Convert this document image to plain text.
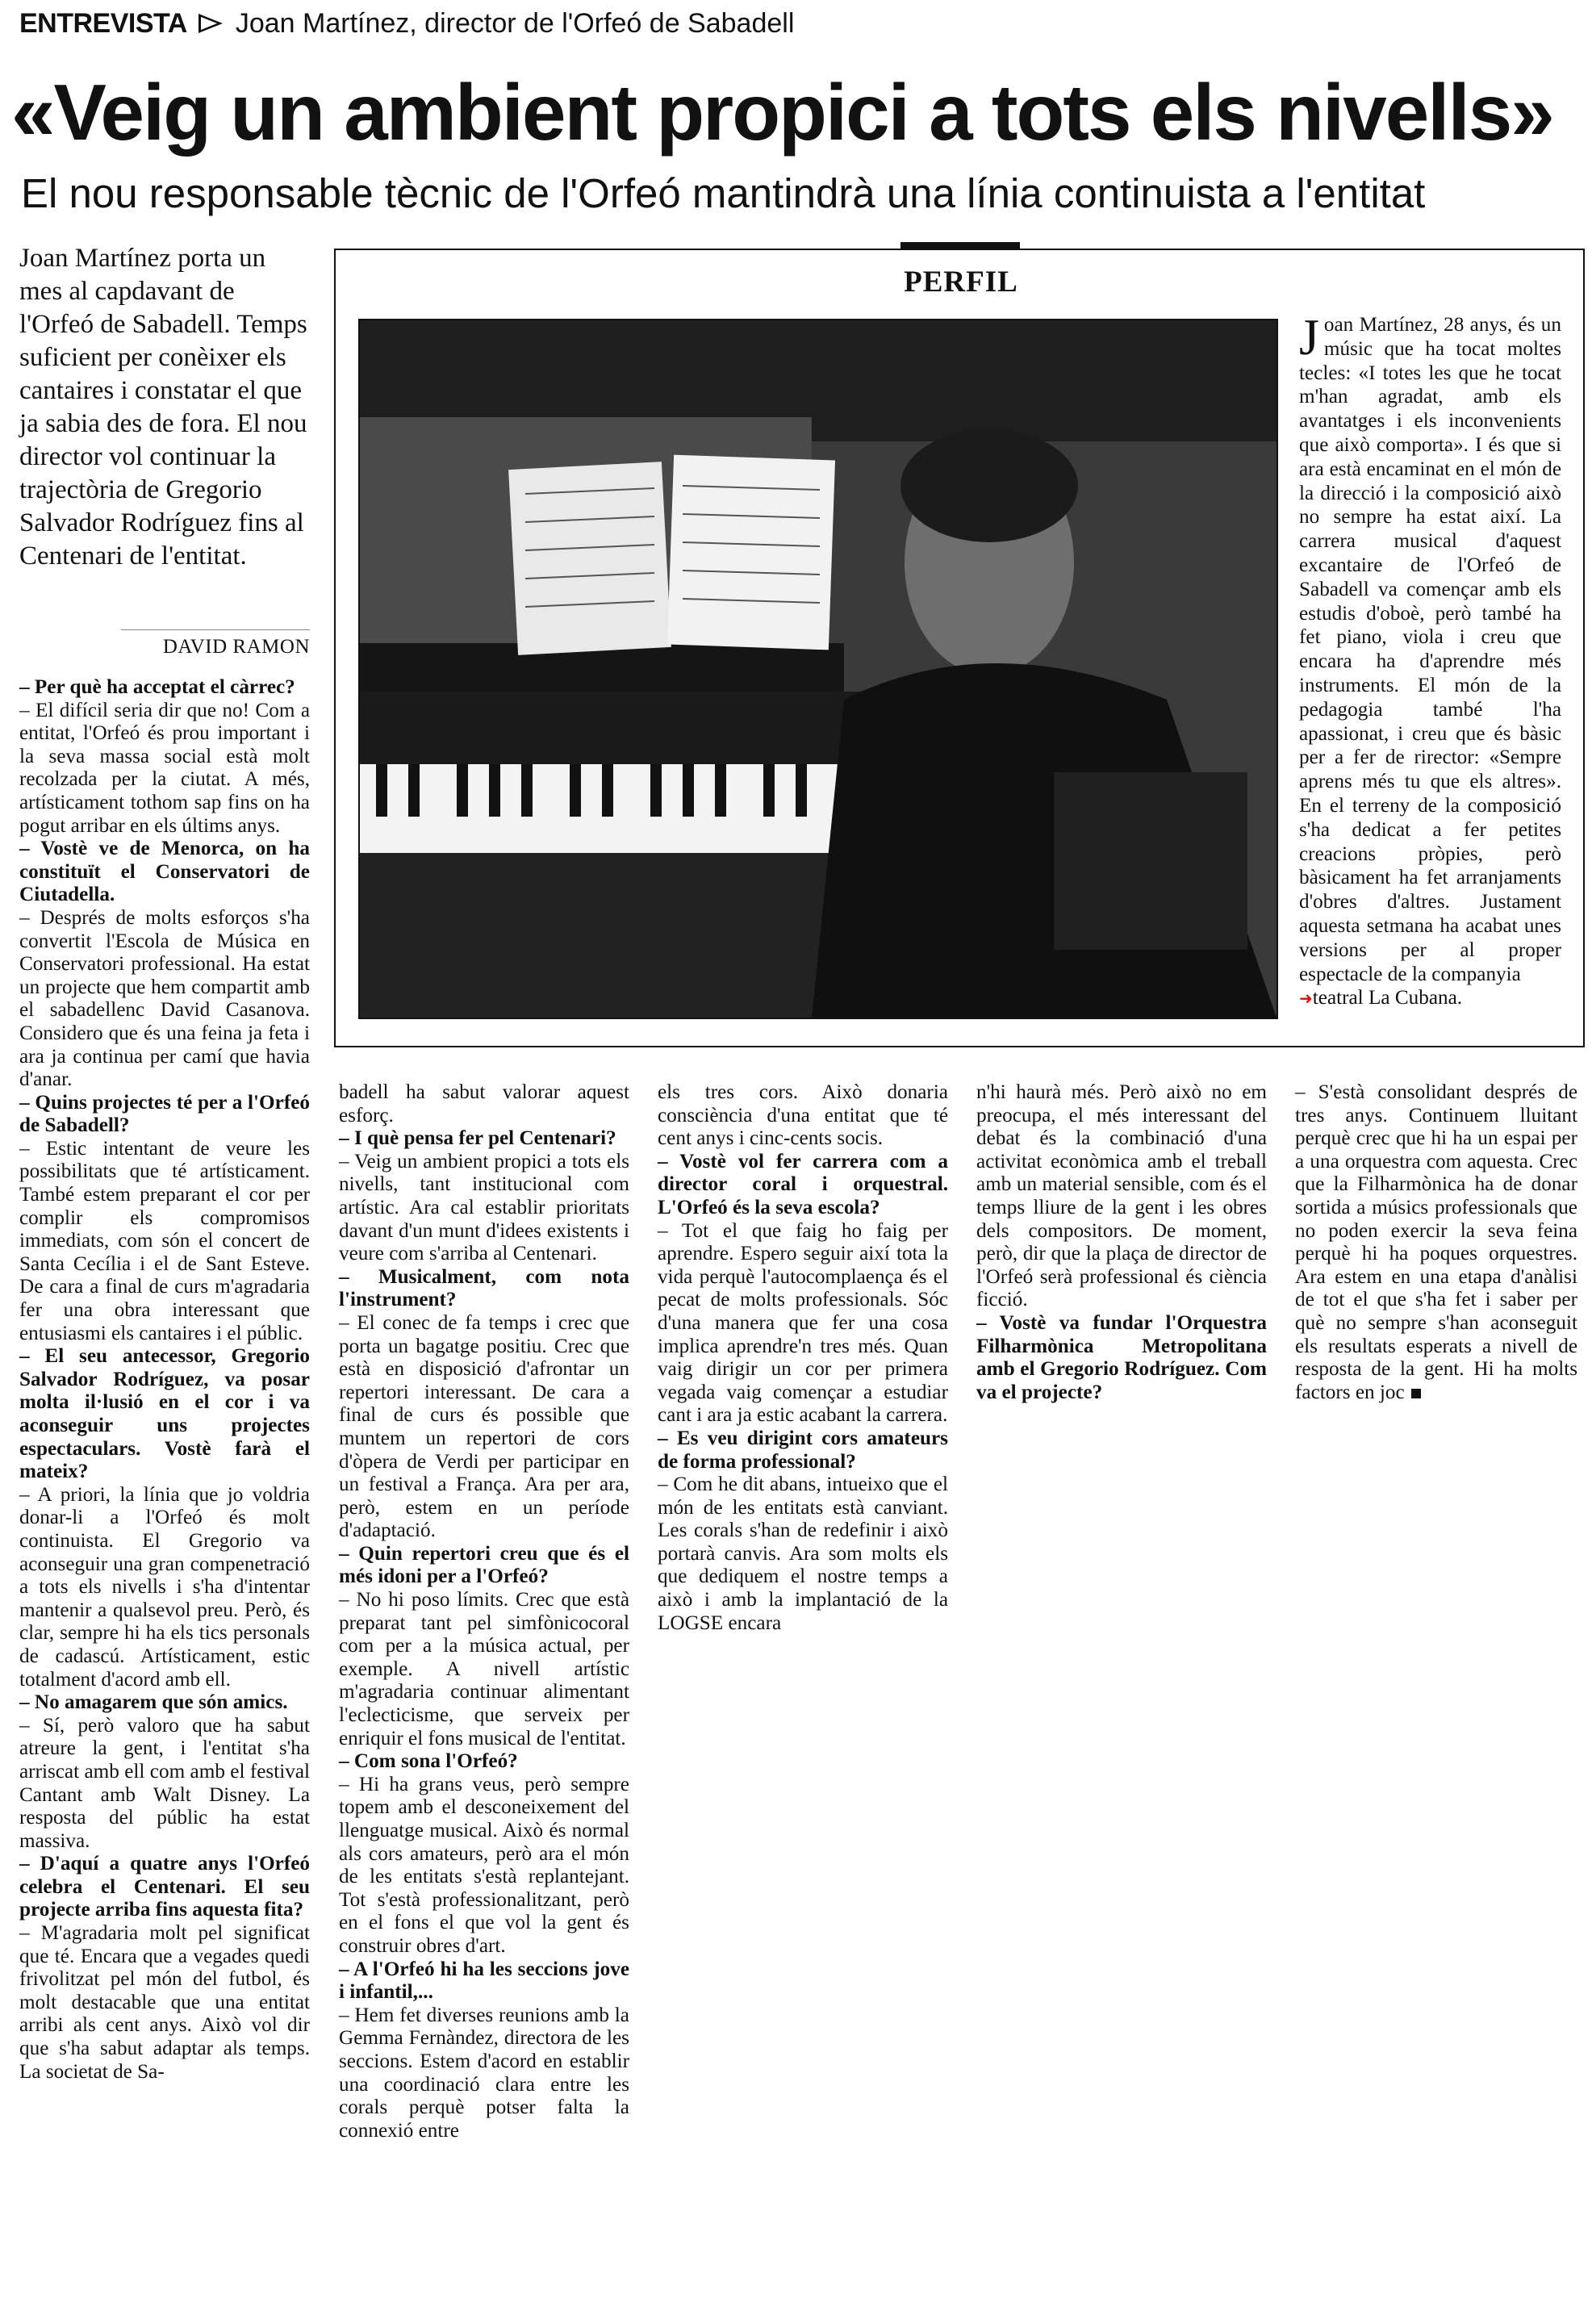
ENTREVISTA Joan Martínez, director de l'Orfeó de Sabadell
«Veig un ambient propici a tots els nivells»
El nou responsable tècnic de l'Orfeó mantindrà una línia continuista a l'entitat
Joan Martínez porta un mes al capdavant de l'Orfeó de Sabadell. Temps suficient per conèixer els cantaires i constatar el que ja sabia des de fora. El nou director vol continuar la trajectòria de Gregorio Salvador Rodríguez fins al Centenari de l'entitat.
DAVID RAMON
PERFIL
Joan Martínez, 28 anys, és un músic que ha tocat moltes tecles: «I totes les que he tocat m'han agradat, amb els avantatges i els inconvenients que això comporta». I és que si ara està encaminat en el món de la direcció i la composició això no sempre ha estat així. La carrera musical d'aquest excantaire de l'Orfeó de Sabadell va començar amb els estudis d'oboè, però també ha fet piano, viola i creu que encara ha d'aprendre més instruments. El món de la pedagogia també l'ha apassionat, i creu que és bàsic per a fer de rirector: «Sempre aprens més tu que els altres». En el terreny de la composició s'ha dedicat a fer petites creacions pròpies, però bàsicament ha fet arranjaments d'obres d'altres. Justament aquesta setmana ha acabat unes versions per al proper espectacle de la companyia
➜teatral La Cubana.

– Per què ha acceptat el càrrec?

– El difícil seria dir que no! Com a entitat, l'Orfeó és prou important i la seva massa social està molt recolzada per la ciutat. A més, artísticament tothom sap fins on ha pogut arribar en els últims anys.

– Vostè ve de Menorca, on ha constituït el Conservatori de Ciutadella.

– Després de molts esforços s'ha convertit l'Escola de Música en Conservatori professional. Ha estat un projecte que hem compartit amb el sabadellenc David Casanova. Considero que és una feina ja feta i ara ja continua per camí que havia d'anar.

– Quins projectes té per a l'Orfeó de Sabadell?

– Estic intentant de veure les possibilitats que té artísticament. També estem preparant el cor per complir els compromisos immediats, com són el concert de Santa Cecília i el de Sant Esteve. De cara a final de curs m'agradaria fer una obra interessant que entusiasmi els cantaires i el públic.

– El seu antecessor, Gregorio Salvador Rodríguez, va posar molta il·lusió en el cor i va aconseguir uns projectes espectaculars. Vostè farà el mateix?

– A priori, la línia que jo voldria donar-li a l'Orfeó és molt continuista. El Gregorio va aconseguir una gran compenetració a tots els nivells i s'ha d'intentar mantenir a qualsevol preu. Però, és clar, sempre hi ha els tics personals de cadascú. Artísticament, estic totalment d'acord amb ell.

– No amagarem que són amics.

– Sí, però valoro que ha sabut atreure la gent, i l'entitat s'ha arriscat amb ell com amb el festival Cantant amb Walt Disney. La resposta del públic ha estat massiva.

– D'aquí a quatre anys l'Orfeó celebra el Centenari. El seu projecte arriba fins aquesta fita?

– M'agradaria molt pel significat que té. Encara que a vegades quedi frivolitzat pel món del futbol, és molt destacable que una entitat arribi als cent anys. Això vol dir que s'ha sabut adaptar als temps. La societat de Sa-

badell ha sabut valorar aquest esforç.

– I què pensa fer pel Centenari?

– Veig un ambient propici a tots els nivells, tant institucional com artístic. Ara cal establir prioritats davant d'un munt d'idees existents i veure com s'arriba al Centenari.

– Musicalment, com nota l'instrument?

– El conec de fa temps i crec que porta un bagatge positiu. Crec que està en disposició d'afrontar un repertori interessant. De cara a final de curs és possible que muntem un repertori de cors d'òpera de Verdi per participar en un festival a França. Ara per ara, però, estem en un període d'adaptació.

– Quin repertori creu que és el més idoni per a l'Orfeó?

– No hi poso límits. Crec que està preparat tant pel simfònicocoral com per a la música actual, per exemple. A nivell artístic m'agradaria continuar alimentant l'eclecticisme, que serveix per enriquir el fons musical de l'entitat.

– Com sona l'Orfeó?

– Hi ha grans veus, però sempre topem amb el desconeixement del llenguatge musical. Això és normal als cors amateurs, però ara el món de les entitats s'està replantejant. Tot s'està professionalitzant, però en el fons el que vol la gent és construir obres d'art.

– A l'Orfeó hi ha les seccions jove i infantil,...

– Hem fet diverses reunions amb la Gemma Fernàndez, directora de les seccions. Estem d'acord en establir una coordinació clara entre les corals perquè potser falta la connexió entre

els tres cors. Això donaria consciència d'una entitat que té cent anys i cinc-cents socis.

– Vostè vol fer carrera com a director coral i orquestral. L'Orfeó és la seva escola?

– Tot el que faig ho faig per aprendre. Espero seguir així tota la vida perquè l'autocomplaença és el pecat de molts professionals. Sóc d'una manera que fer una cosa implica aprendre'n tres més. Quan vaig dirigir un cor per primera vegada vaig començar a estudiar cant i ara ja estic acabant la carrera.

– Es veu dirigint cors amateurs de forma professional?

– Com he dit abans, intueixo que el món de les entitats està canviant. Les corals s'han de redefinir i això portarà canvis. Ara som molts els que dediquem el nostre temps a això i amb la implantació de la LOGSE encara

n'hi haurà més. Però això no em preocupa, el més interessant del debat és la combinació d'una activitat econòmica amb el treball amb un material sensible, com és el temps lliure de la gent i les obres dels compositors. De moment, però, dir que la plaça de director de l'Orfeó serà professional és ciència ficció.

– Vostè va fundar l'Orquestra Filharmònica Metropolitana amb el Gregorio Rodríguez. Com va el projecte?

– S'està consolidant després de tres anys. Continuem lluitant perquè crec que hi ha un espai per a una orquestra com aquesta. Crec que la Filharmònica ha de donar sortida a músics professionals que no poden exercir la seva feina perquè hi ha poques orquestres. Ara estem en una etapa d'anàlisi de tot el que s'ha fet i saber per què no sempre s'han aconseguit els resultats esperats a nivell de resposta de la gent. Hi ha molts factors en joc
